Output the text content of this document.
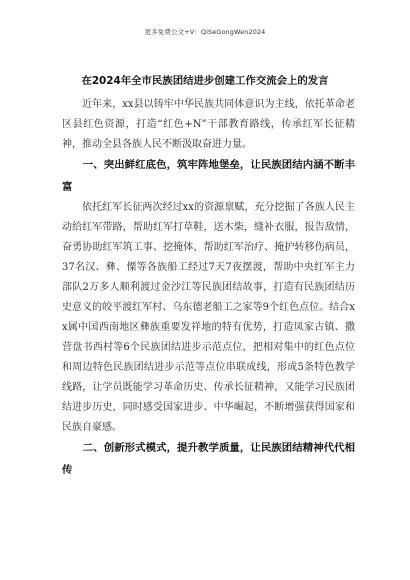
更多免费公文+V：QiSeGongWen2024
在2024年全市民族团结进步创建工作交流会上的发言

近年来，xx县以铸牢中华民族共同体意识为主线，依托革命老区县红色资源，打造“红色+N”干部教育路线，传承红军长征精神，推动全县各族人民不断汲取奋进力量。

一、突出鲜红底色，筑牢阵地堡垒，让民族团结内涵不断丰富

依托红军长征两次经过xx的资源禀赋，充分挖掘了各族人民主动给红军带路，帮助红军打草鞋，送木柴，缝补衣服，报告敌情，奋勇协助红军筑工事、挖掩体，帮助红军治疗、掩护转移伤病员，37名汉、彝、傈等各族船工经过7天7夜摆渡，帮助中央红军主力部队2万多人顺利渡过金沙江等民族团结故事，打造有民族团结历史意义的皎平渡红军村、乌东德老船工之家等9个红色点位。结合xx属中国西南地区彝族重要发祥地的特有优势，打造凤家古镇、撒营盘书西村等6个民族团结进步示范点位，把相对集中的红色点位和周边特色民族团结进步示范等点位串联成线，形成5条特色教学线路，让学员既能学习革命历史、传承长征精神，又能学习民族团结进步历史，同时感受国家进步、中华崛起，不断增强获得国家和民族自豪感。

二、创新形式模式，提升教学质量，让民族团结精神代代相传
